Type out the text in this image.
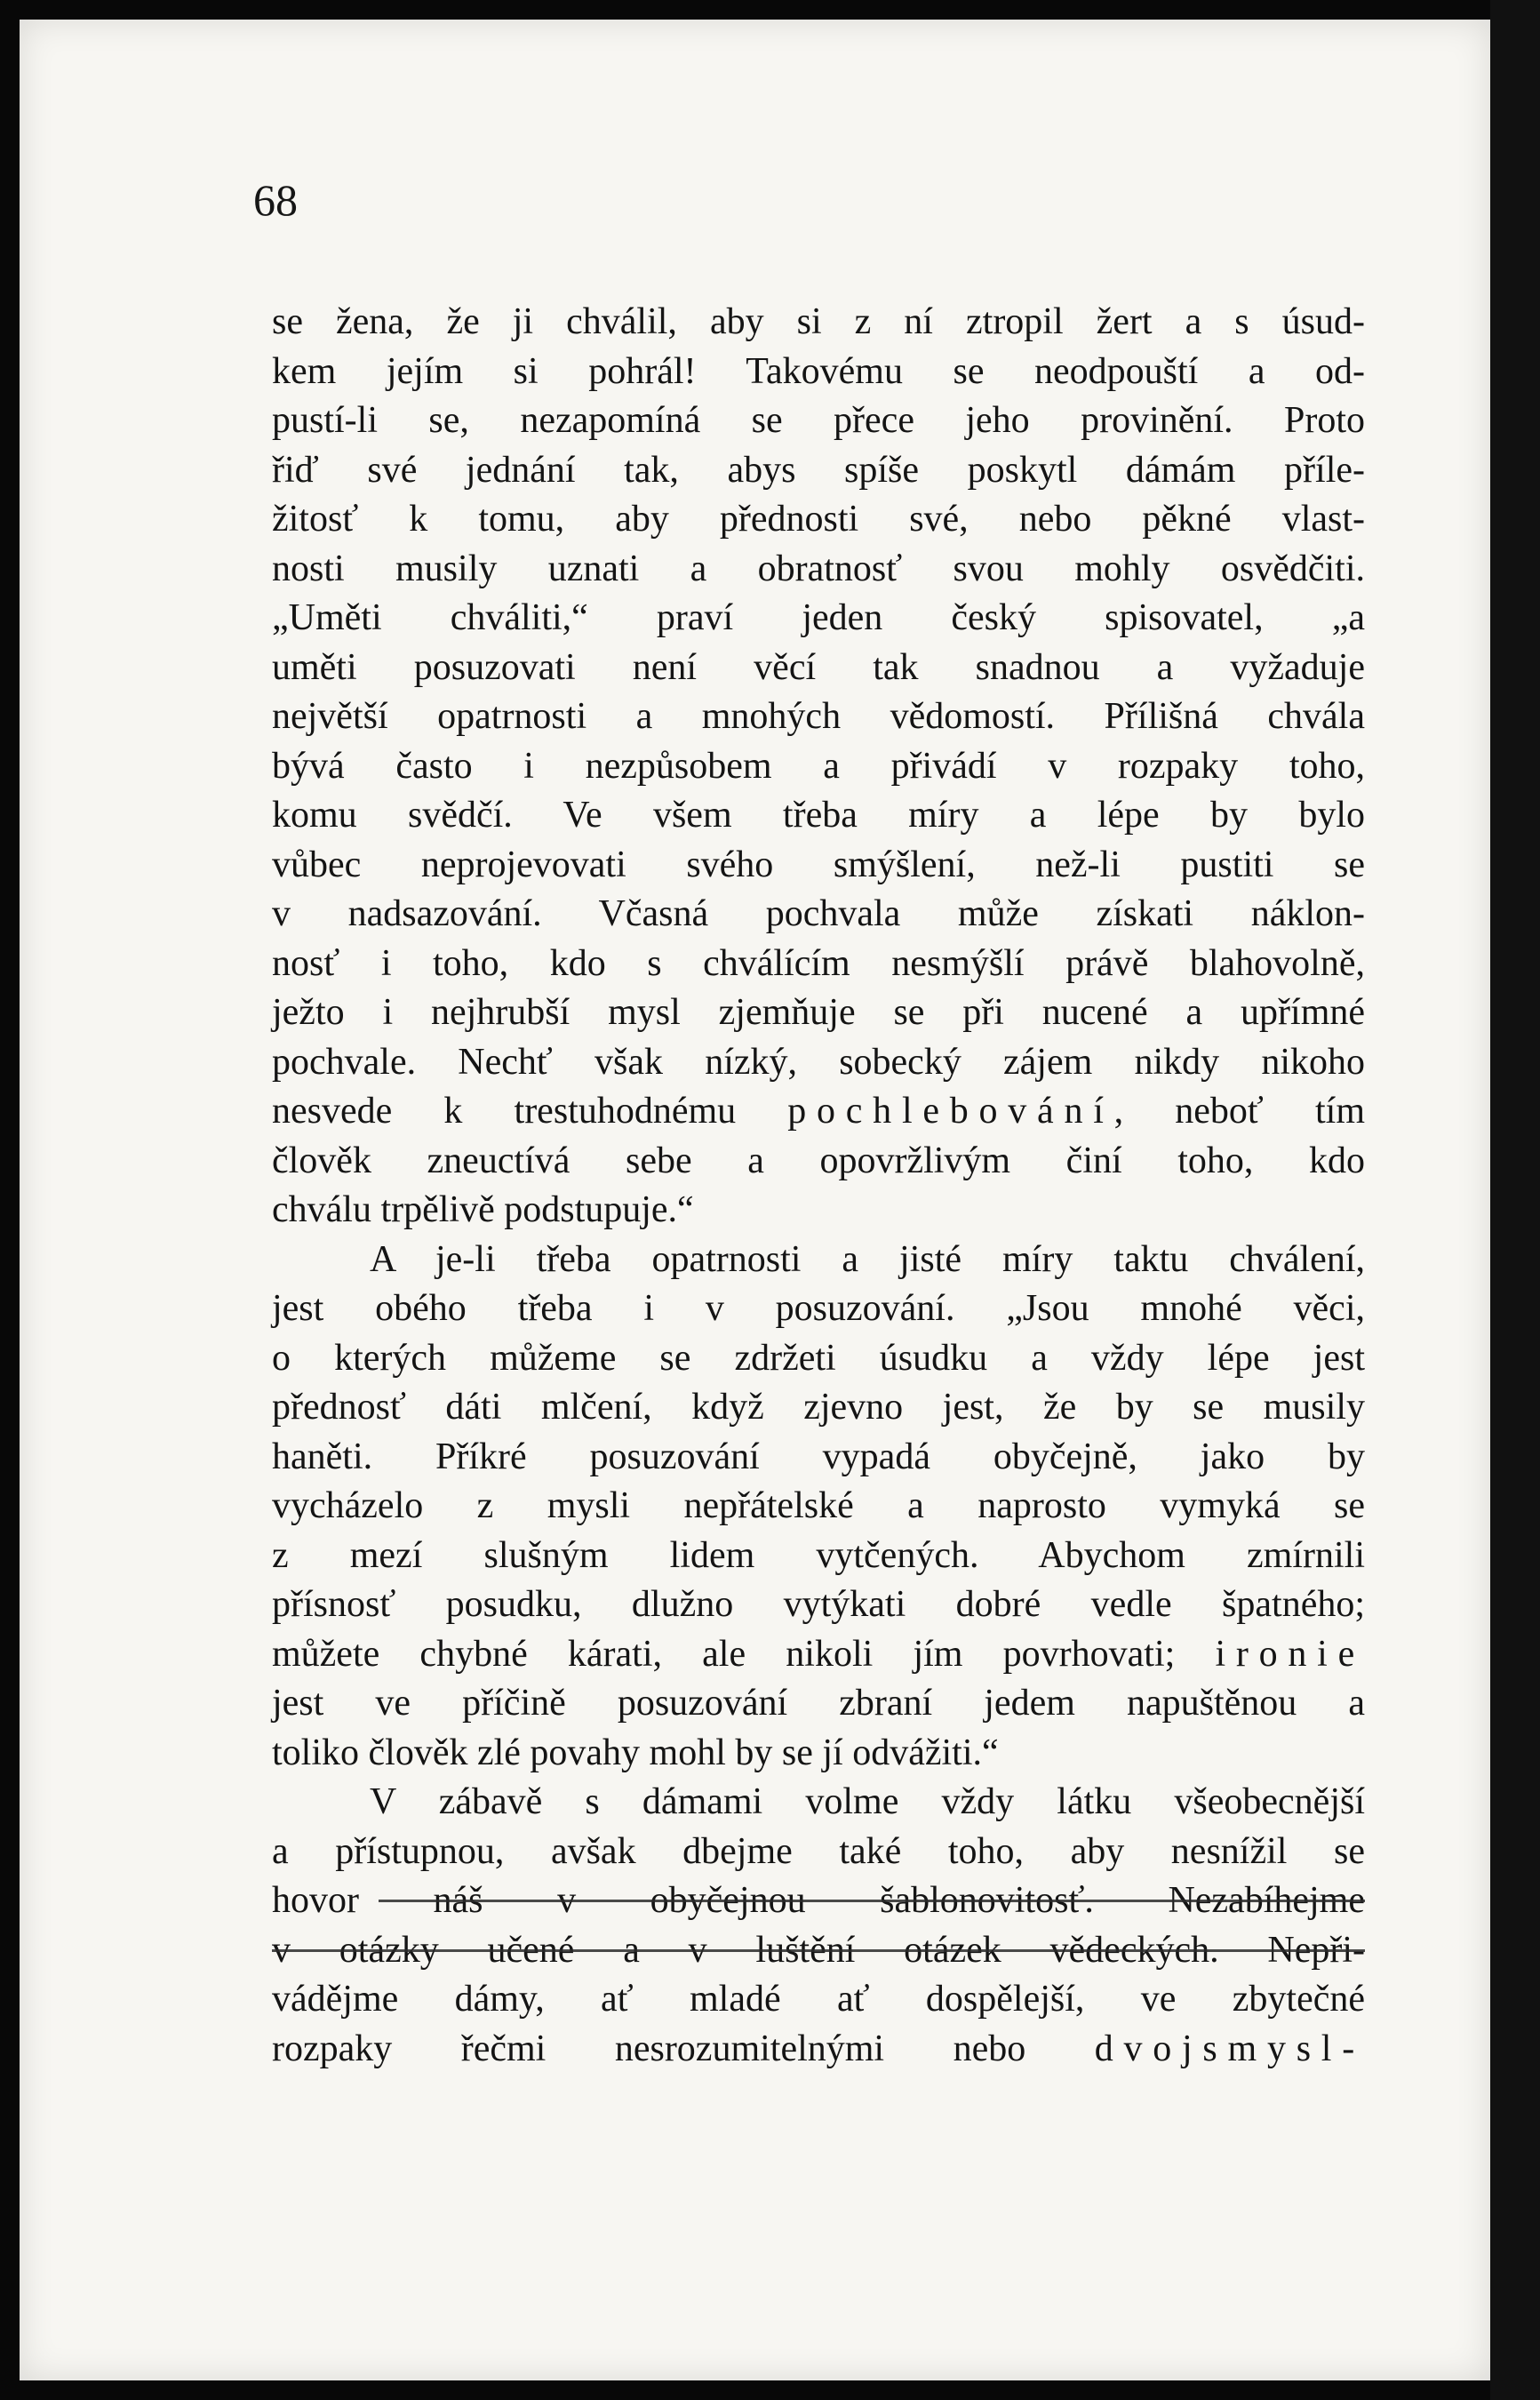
68
se žena, že ji chválil, aby si z ní ztropil žert a s úsud-
kem jejím si pohrál! Takovému se neodpouští a od-
pustí-li se, nezapomíná se přece jeho provinění. Proto
řiď své jednání tak, abys spíše poskytl dámám příle-
žitosť k tomu, aby přednosti své, nebo pěkné vlast-
nosti musily uznati a obratnosť svou mohly osvědčiti.
„Uměti chváliti,“ praví jeden český spisovatel, „a
uměti posuzovati není věcí tak snadnou a vyžaduje
největší opatrnosti a mnohých vědomostí. Přílišná chvála
bývá často i nezpůsobem a přivádí v rozpaky toho,
komu svědčí. Ve všem třeba míry a lépe by bylo
vůbec neprojevovati svého smýšlení, než-li pustiti se
v nadsazování. Včasná pochvala může získati náklon-
nosť i toho, kdo s chválícím nesmýšlí právě blahovolně,
ježto i nejhrubší mysl zjemňuje se při nucené a upřímné
pochvale. Nechť však nízký, sobecký zájem nikdy nikoho
nesvede k trestuhodnému pochlebování, neboť tím
člověk zneuctívá sebe a opovržlivým činí toho, kdo
chválu trpělivě podstupuje.“
A je-li třeba opatrnosti a jisté míry taktu chválení,
jest obého třeba i v posuzování. „Jsou mnohé věci,
o kterých můžeme se zdržeti úsudku a vždy lépe jest
přednosť dáti mlčení, když zjevno jest, že by se musily
haněti. Příkré posuzování vypadá obyčejně, jako by
vycházelo z mysli nepřátelské a naprosto vymyká se
z mezí slušným lidem vytčených. Abychom zmírnili
přísnosť posudku, dlužno vytýkati dobré vedle špatného;
můžete chybné kárati, ale nikoli jím povrhovati; ironie
jest ve příčině posuzování zbraní jedem napuštěnou a
toliko člověk zlé povahy mohl by se jí odvážiti.“
V zábavě s dámami volme vždy látku všeobecnější
a přístupnou, avšak dbejme také toho, aby nesnížil se
hovor náš v obyčejnou šablonovitosť. Nezabíhejme
v otázky učené a v luštění otázek vědeckých. Nepři-
vádějme dámy, ať mladé ať dospělejší, ve zbytečné
rozpaky řečmi nesrozumitelnými nebo dvojsmysl-
